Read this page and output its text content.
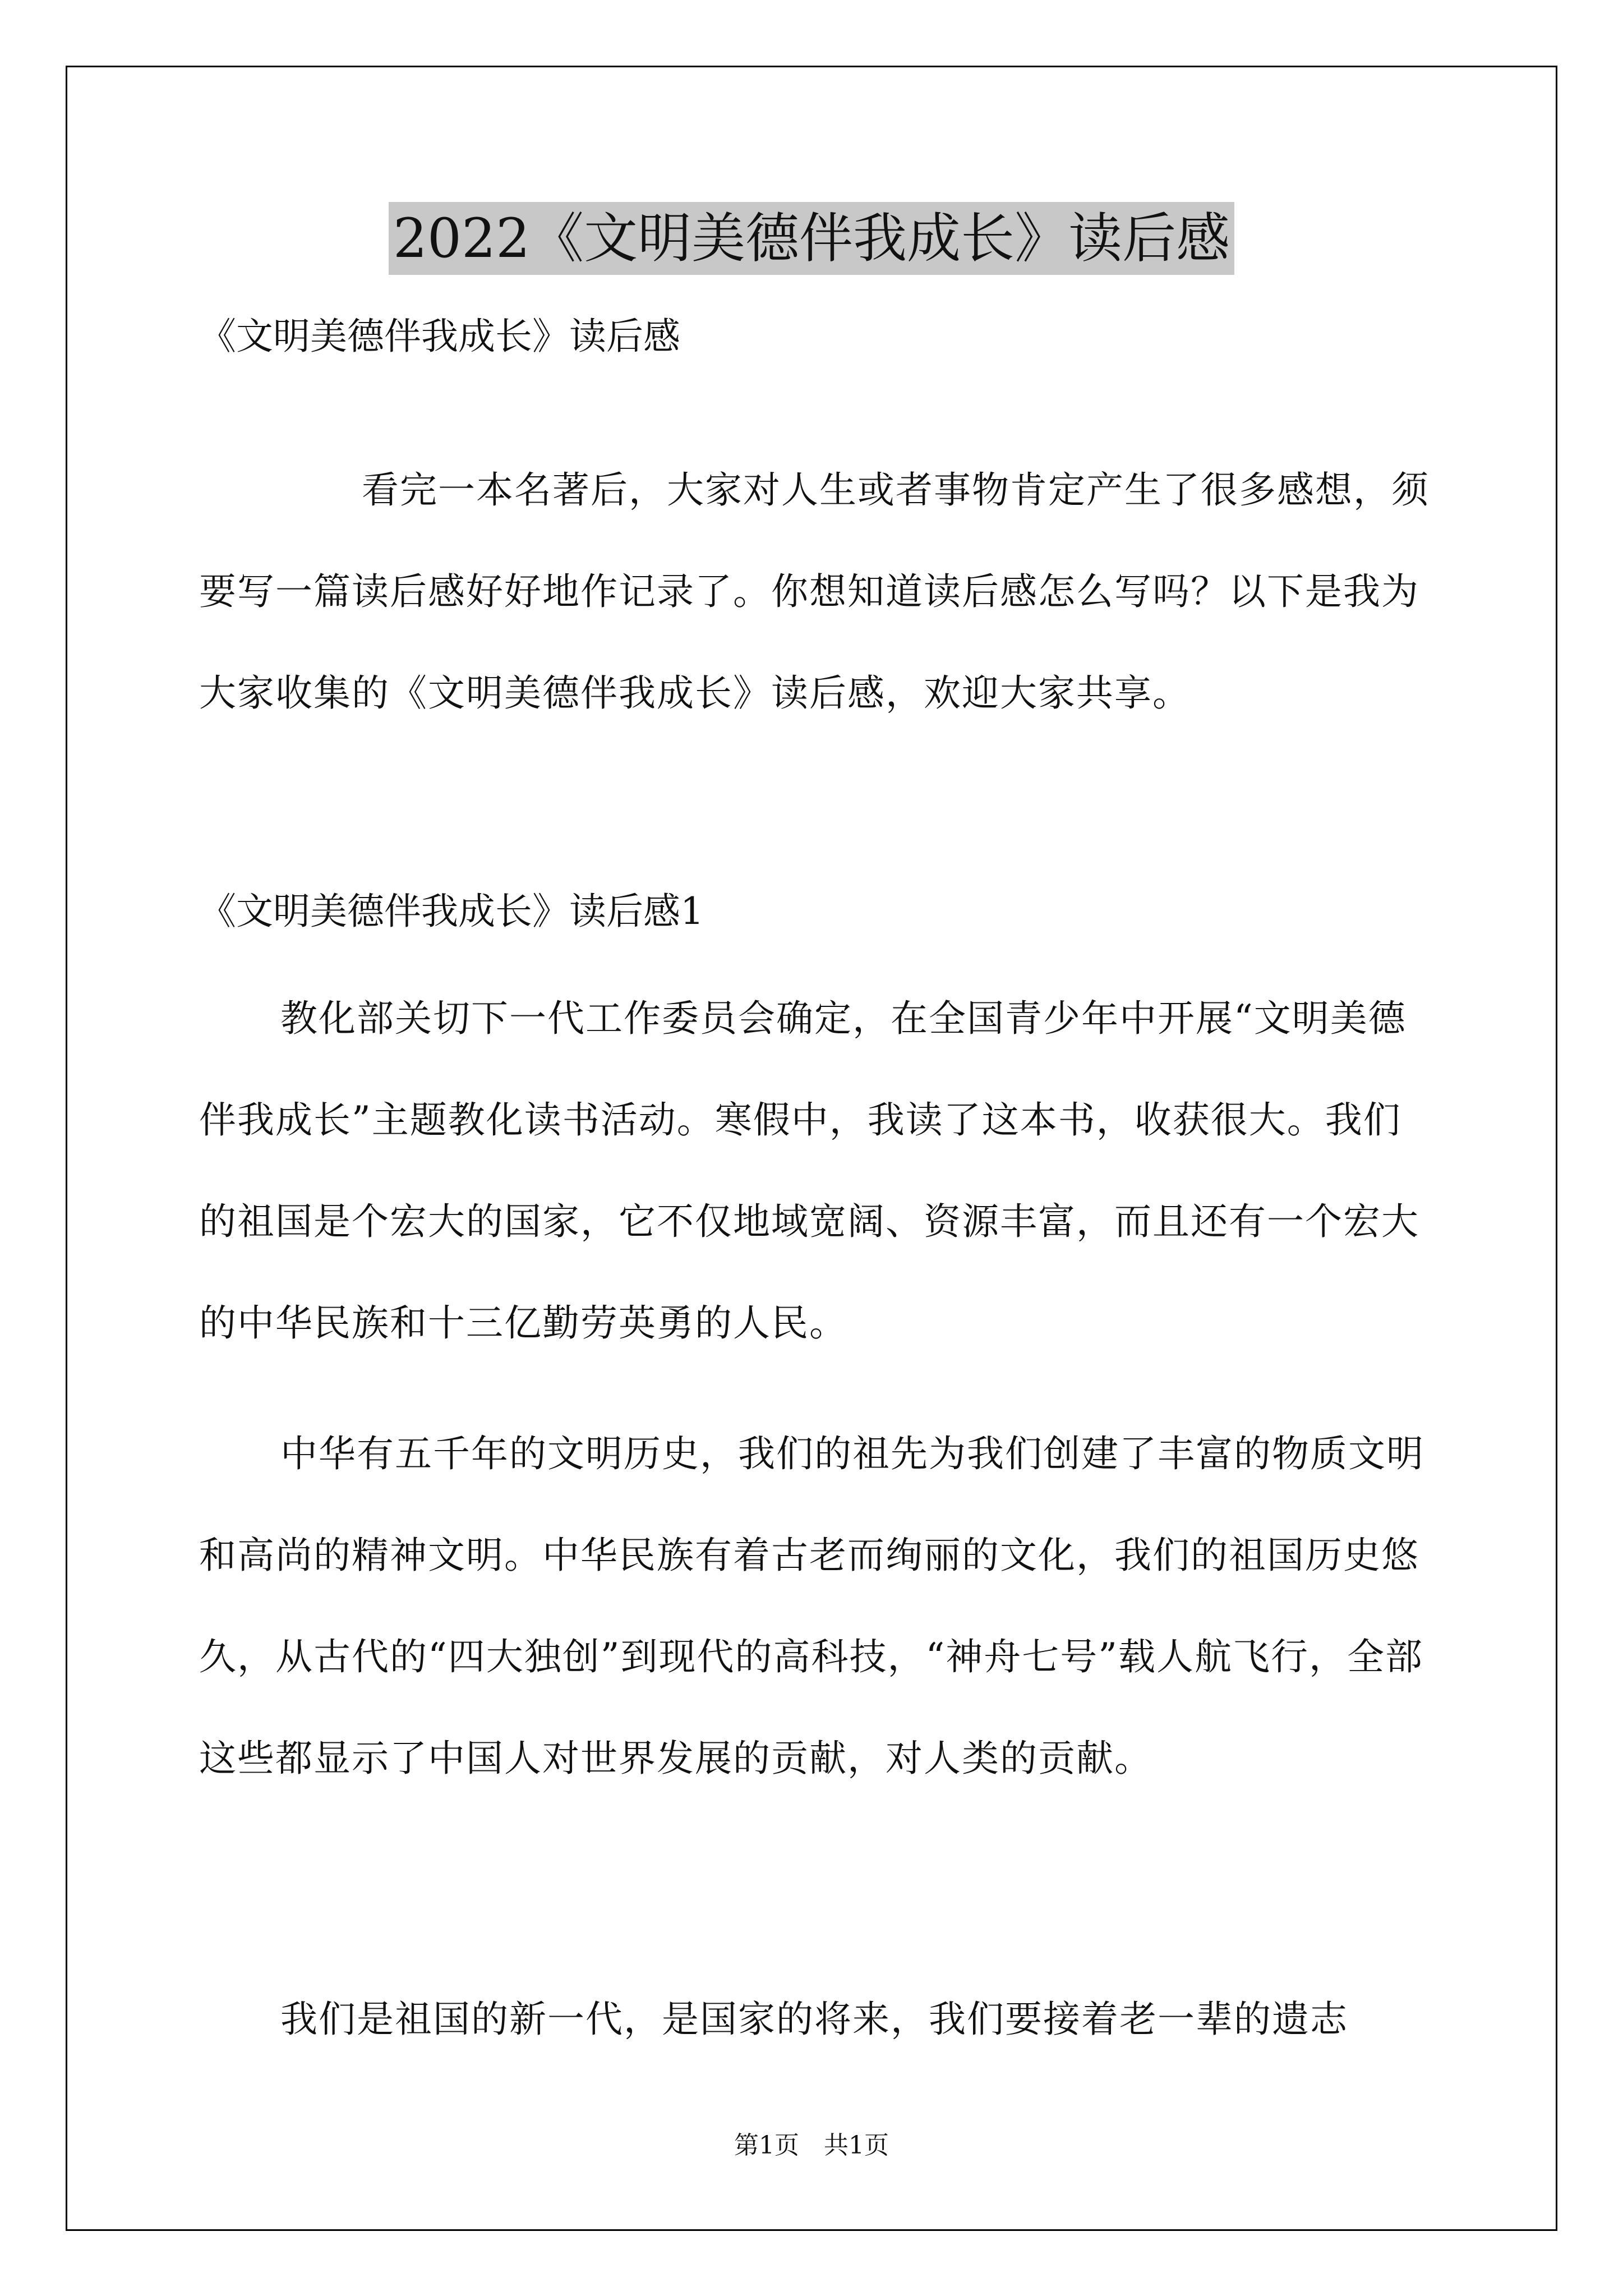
2022《文明美德伴我成长》读后感
《文明美德伴我成长》读后感

看完一本名著后，大家对人生或者事物肯定产生了很多感想，须要写一篇读后感好好地作记录了。你想知道读后感怎么写吗？以下是我为大家收集的《文明美德伴我成长》读后感，欢迎大家共享。

《文明美德伴我成长》读后感1

教化部关切下一代工作委员会确定，在全国青少年中开展“文明美德伴我成长”主题教化读书活动。寒假中，我读了这本书，收获很大。我们的祖国是个宏大的国家，它不仅地域宽阔、资源丰富，而且还有一个宏大的中华民族和十三亿勤劳英勇的人民。

中华有五千年的文明历史，我们的祖先为我们创建了丰富的物质文明和高尚的精神文明。中华民族有着古老而绚丽的文化，我们的祖国历史悠久，从古代的“四大独创”到现代的高科技，“神舟七号”载人航飞行，全部这些都显示了中国人对世界发展的贡献，对人类的贡献。

我们是祖国的新一代，是国家的将来，我们要接着老一辈的遗志

第1页　共1页
